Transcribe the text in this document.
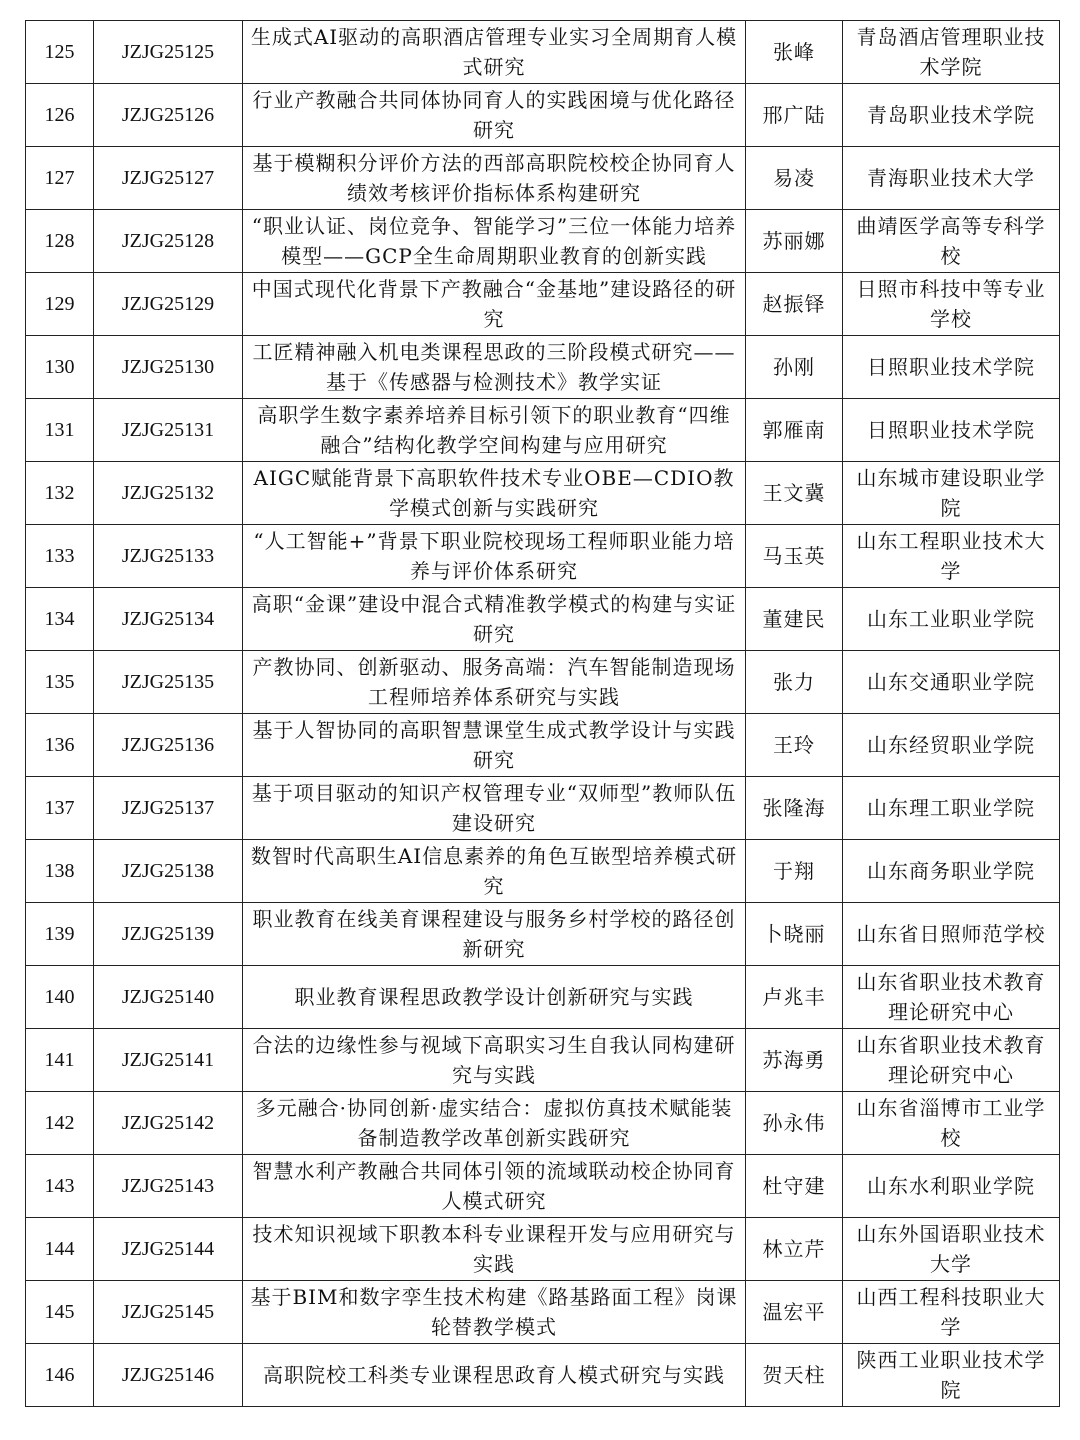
125	JZJG25125	生成式AI驱动的高职酒店管理专业实习全周期育人模式研究	张峰	青岛酒店管理职业技术学院
126	JZJG25126	行业产教融合共同体协同育人的实践困境与优化路径研究	邢广陆	青岛职业技术学院
127	JZJG25127	基于模糊积分评价方法的西部高职院校校企协同育人绩效考核评价指标体系构建研究	易凌	青海职业技术大学
128	JZJG25128	“职业认证、岗位竞争、智能学习”三位一体能力培养模型——GCP全生命周期职业教育的创新实践	苏丽娜	曲靖医学高等专科学校
129	JZJG25129	中国式现代化背景下产教融合“金基地”建设路径的研究	赵振铎	日照市科技中等专业学校
130	JZJG25130	工匠精神融入机电类课程思政的三阶段模式研究——基于《传感器与检测技术》教学实证	孙刚	日照职业技术学院
131	JZJG25131	高职学生数字素养培养目标引领下的职业教育“四维融合”结构化教学空间构建与应用研究	郭雁南	日照职业技术学院
132	JZJG25132	AIGC赋能背景下高职软件技术专业OBE—CDIO教学模式创新与实践研究	王文冀	山东城市建设职业学院
133	JZJG25133	“人工智能+”背景下职业院校现场工程师职业能力培养与评价体系研究	马玉英	山东工程职业技术大学
134	JZJG25134	高职“金课”建设中混合式精准教学模式的构建与实证研究	董建民	山东工业职业学院
135	JZJG25135	产教协同、创新驱动、服务高端：汽车智能制造现场工程师培养体系研究与实践	张力	山东交通职业学院
136	JZJG25136	基于人智协同的高职智慧课堂生成式教学设计与实践研究	王玲	山东经贸职业学院
137	JZJG25137	基于项目驱动的知识产权管理专业“双师型”教师队伍建设研究	张隆海	山东理工职业学院
138	JZJG25138	数智时代高职生AI信息素养的角色互嵌型培养模式研究	于翔	山东商务职业学院
139	JZJG25139	职业教育在线美育课程建设与服务乡村学校的路径创新研究	卜晓丽	山东省日照师范学校
140	JZJG25140	职业教育课程思政教学设计创新研究与实践	卢兆丰	山东省职业技术教育理论研究中心
141	JZJG25141	合法的边缘性参与视域下高职实习生自我认同构建研究与实践	苏海勇	山东省职业技术教育理论研究中心
142	JZJG25142	多元融合·协同创新·虚实结合：虚拟仿真技术赋能装备制造教学改革创新实践研究	孙永伟	山东省淄博市工业学校
143	JZJG25143	智慧水利产教融合共同体引领的流域联动校企协同育人模式研究	杜守建	山东水利职业学院
144	JZJG25144	技术知识视域下职教本科专业课程开发与应用研究与实践	林立芹	山东外国语职业技术大学
145	JZJG25145	基于BIM和数字孪生技术构建《路基路面工程》岗课轮替教学模式	温宏平	山西工程科技职业大学
146	JZJG25146	高职院校工科类专业课程思政育人模式研究与实践	贺天柱	陕西工业职业技术学院
